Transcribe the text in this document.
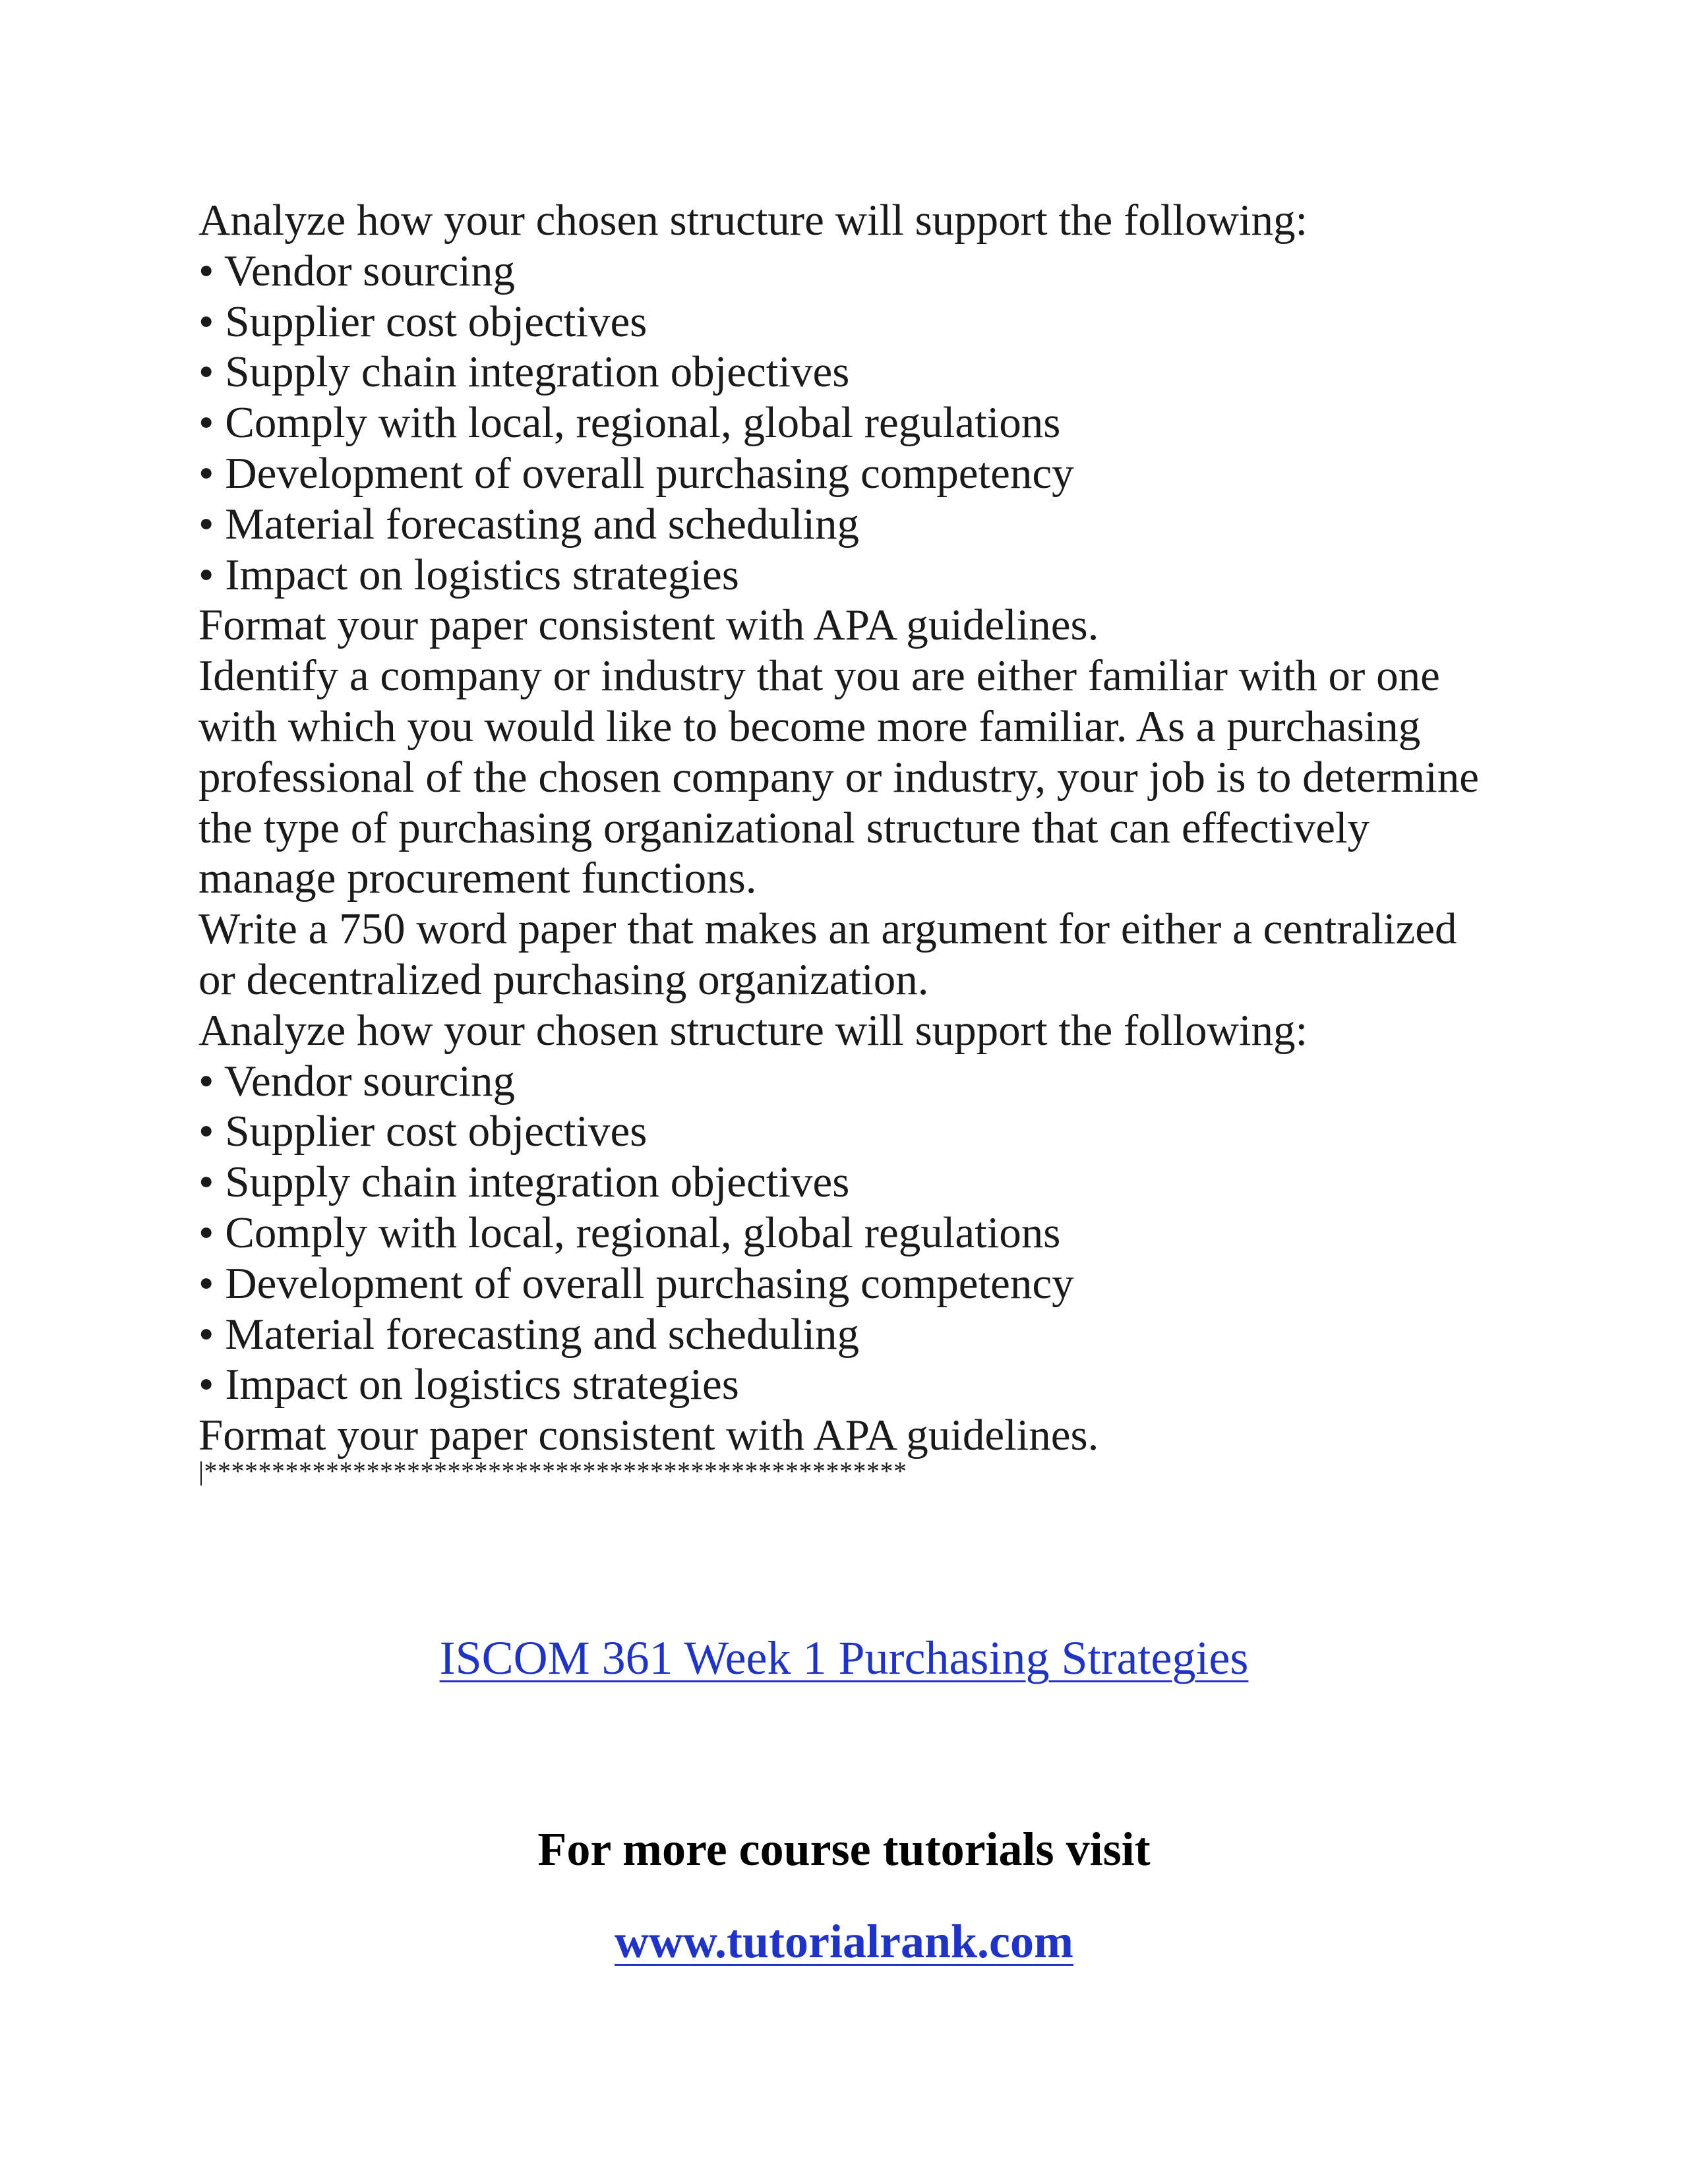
Analyze how your chosen structure will support the following:
• Vendor sourcing
• Supplier cost objectives
• Supply chain integration objectives
• Comply with local, regional, global regulations
• Development of overall purchasing competency
• Material forecasting and scheduling
• Impact on logistics strategies
Format your paper consistent with APA guidelines.
Identify a company or industry that you are either familiar with or one
with which you would like to become more familiar. As a purchasing
professional of the chosen company or industry, your job is to determine
the type of purchasing organizational structure that can effectively
manage procurement functions.
Write a 750 word paper that makes an argument for either a centralized
or decentralized purchasing organization.
Analyze how your chosen structure will support the following:
• Vendor sourcing
• Supplier cost objectives
• Supply chain integration objectives
• Comply with local, regional, global regulations
• Development of overall purchasing competency
• Material forecasting and scheduling
• Impact on logistics strategies
Format your paper consistent with APA guidelines.
|****************************************************
ISCOM 361 Week 1 Purchasing Strategies
For more course tutorials visit
www.tutorialrank.com
